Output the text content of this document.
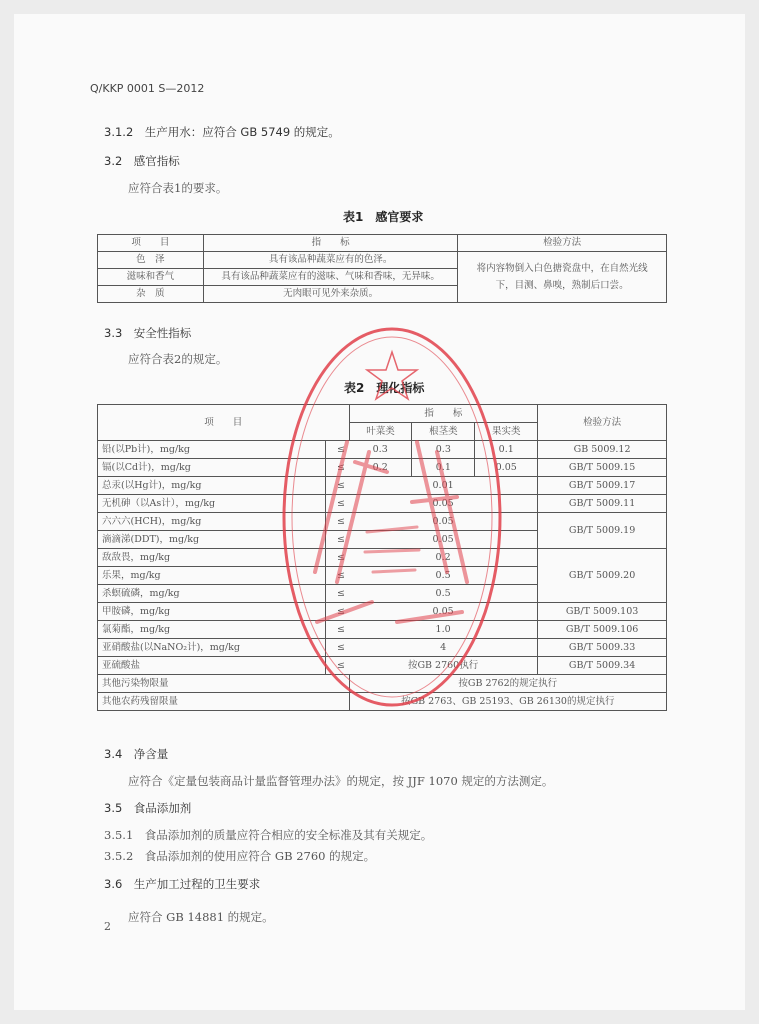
Q/KKP 0001 S—2012
3.1.2　生产用水：应符合 GB 5749 的规定。
3.2　感官指标
应符合表1的要求。
表1　感官要求
项　　目	指　　标	检验方法
色　泽	具有该品种蔬菜应有的色泽。	将内容物倒入白色搪瓷盘中，在自然光线
下，目测、鼻嗅，熟制后口尝。

滋味和香气	具有该品种蔬菜应有的滋味、气味和香味，无异味。	
杂　质	无肉眼可见外来杂质。	
3.3　安全性指标
应符合表2的规定。
表2　理化指标
项　　目		指　　标			检验方法
		叶菜类	根茎类	果实类	
铅(以Pb计)，mg/kg	≤	0.3	0.3	0.1	GB 5009.12
镉(以Cd计)，mg/kg	≤	0.2	0.1	0.05	GB/T 5009.15
总汞(以Hg计)，mg/kg	≤	0.01			GB/T 5009.17
无机砷（以As计），mg/kg	≤	0.05			GB/T 5009.11
六六六(HCH)，mg/kg	≤	0.05			GB/T 5009.19
滴滴涕(DDT)，mg/kg	≤	0.05			
敌敌畏，mg/kg	≤	0.2			GB/T 5009.20
乐果，mg/kg	≤	0.5			
杀螟硫磷，mg/kg	≤	0.5			
甲胺磷，mg/kg	≤	0.05			GB/T 5009.103
氯菊酯，mg/kg	≤	1.0			GB/T 5009.106
亚硝酸盐(以NaNO₂计)，mg/kg	≤	4			GB/T 5009.33
亚硫酸盐	≤	按GB 2760执行			GB/T 5009.34
其他污染物限量		按GB 2762的规定执行			
其他农药残留限量		按GB 2763、GB 25193、GB 26130的规定执行			
3.4　净含量
应符合《定量包装商品计量监督管理办法》的规定，按 JJF 1070 规定的方法测定。
3.5　食品添加剂
3.5.1　食品添加剂的质量应符合相应的安全标准及其有关规定。
3.5.2　食品添加剂的使用应符合 GB 2760 的规定。
3.6　生产加工过程的卫生要求
应符合 GB 14881 的规定。
2
